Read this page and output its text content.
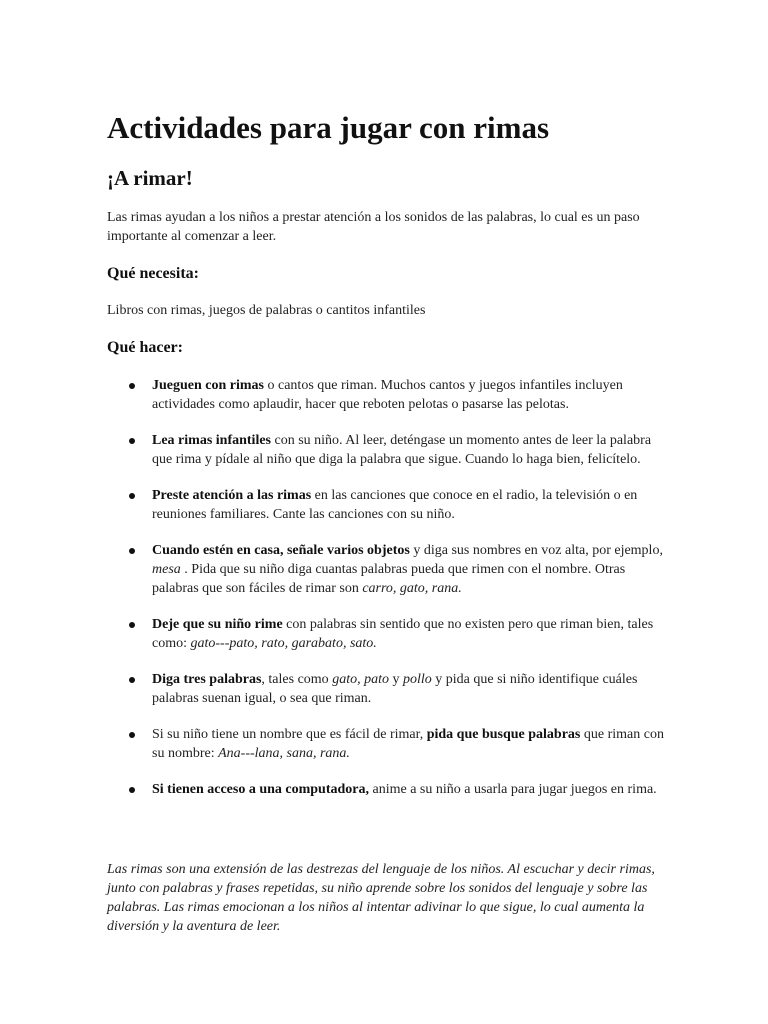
Actividades para jugar con rimas
¡A rimar!

Las rimas ayudan a los niños a prestar atención a los sonidos de las palabras, lo cual es un paso importante al comenzar a leer.

Qué necesita:

Libros con rimas, juegos de palabras o cantitos infantiles

Qué hacer:
Jueguen con rimas o cantos que riman. Muchos cantos y juegos infantiles incluyen actividades como aplaudir, hacer que reboten pelotas o pasarse las pelotas.
Lea rimas infantiles con su niño. Al leer, deténgase un momento antes de leer la palabra que rima y pídale al niño que diga la palabra que sigue. Cuando lo haga bien, felicítelo.
Preste atención a las rimas en las canciones que conoce en el radio, la televisión o en reuniones familiares. Cante las canciones con su niño.
Cuando estén en casa, señale varios objetos y diga sus nombres en voz alta, por ejemplo, mesa . Pida que su niño diga cuantas palabras pueda que rimen con el nombre. Otras palabras que son fáciles de rimar son carro, gato, rana.
Deje que su niño rime con palabras sin sentido que no existen pero que riman bien, tales como: gato---pato, rato, garabato, sato.
Diga tres palabras, tales como gato, pato y pollo y pida que si niño identifique cuáles palabras suenan igual, o sea que riman.
Si su niño tiene un nombre que es fácil de rimar, pida que busque palabras que riman con su nombre: Ana---lana, sana, rana.
Si tienen acceso a una computadora, anime a su niño a usarla para jugar juegos en rima.

Las rimas son una extensión de las destrezas del lenguaje de los niños. Al escuchar y decir rimas, junto con palabras y frases repetidas, su niño aprende sobre los sonidos del lenguaje y sobre las palabras. Las rimas emocionan a los niños al intentar adivinar lo que sigue, lo cual aumenta la diversión y la aventura de leer.
